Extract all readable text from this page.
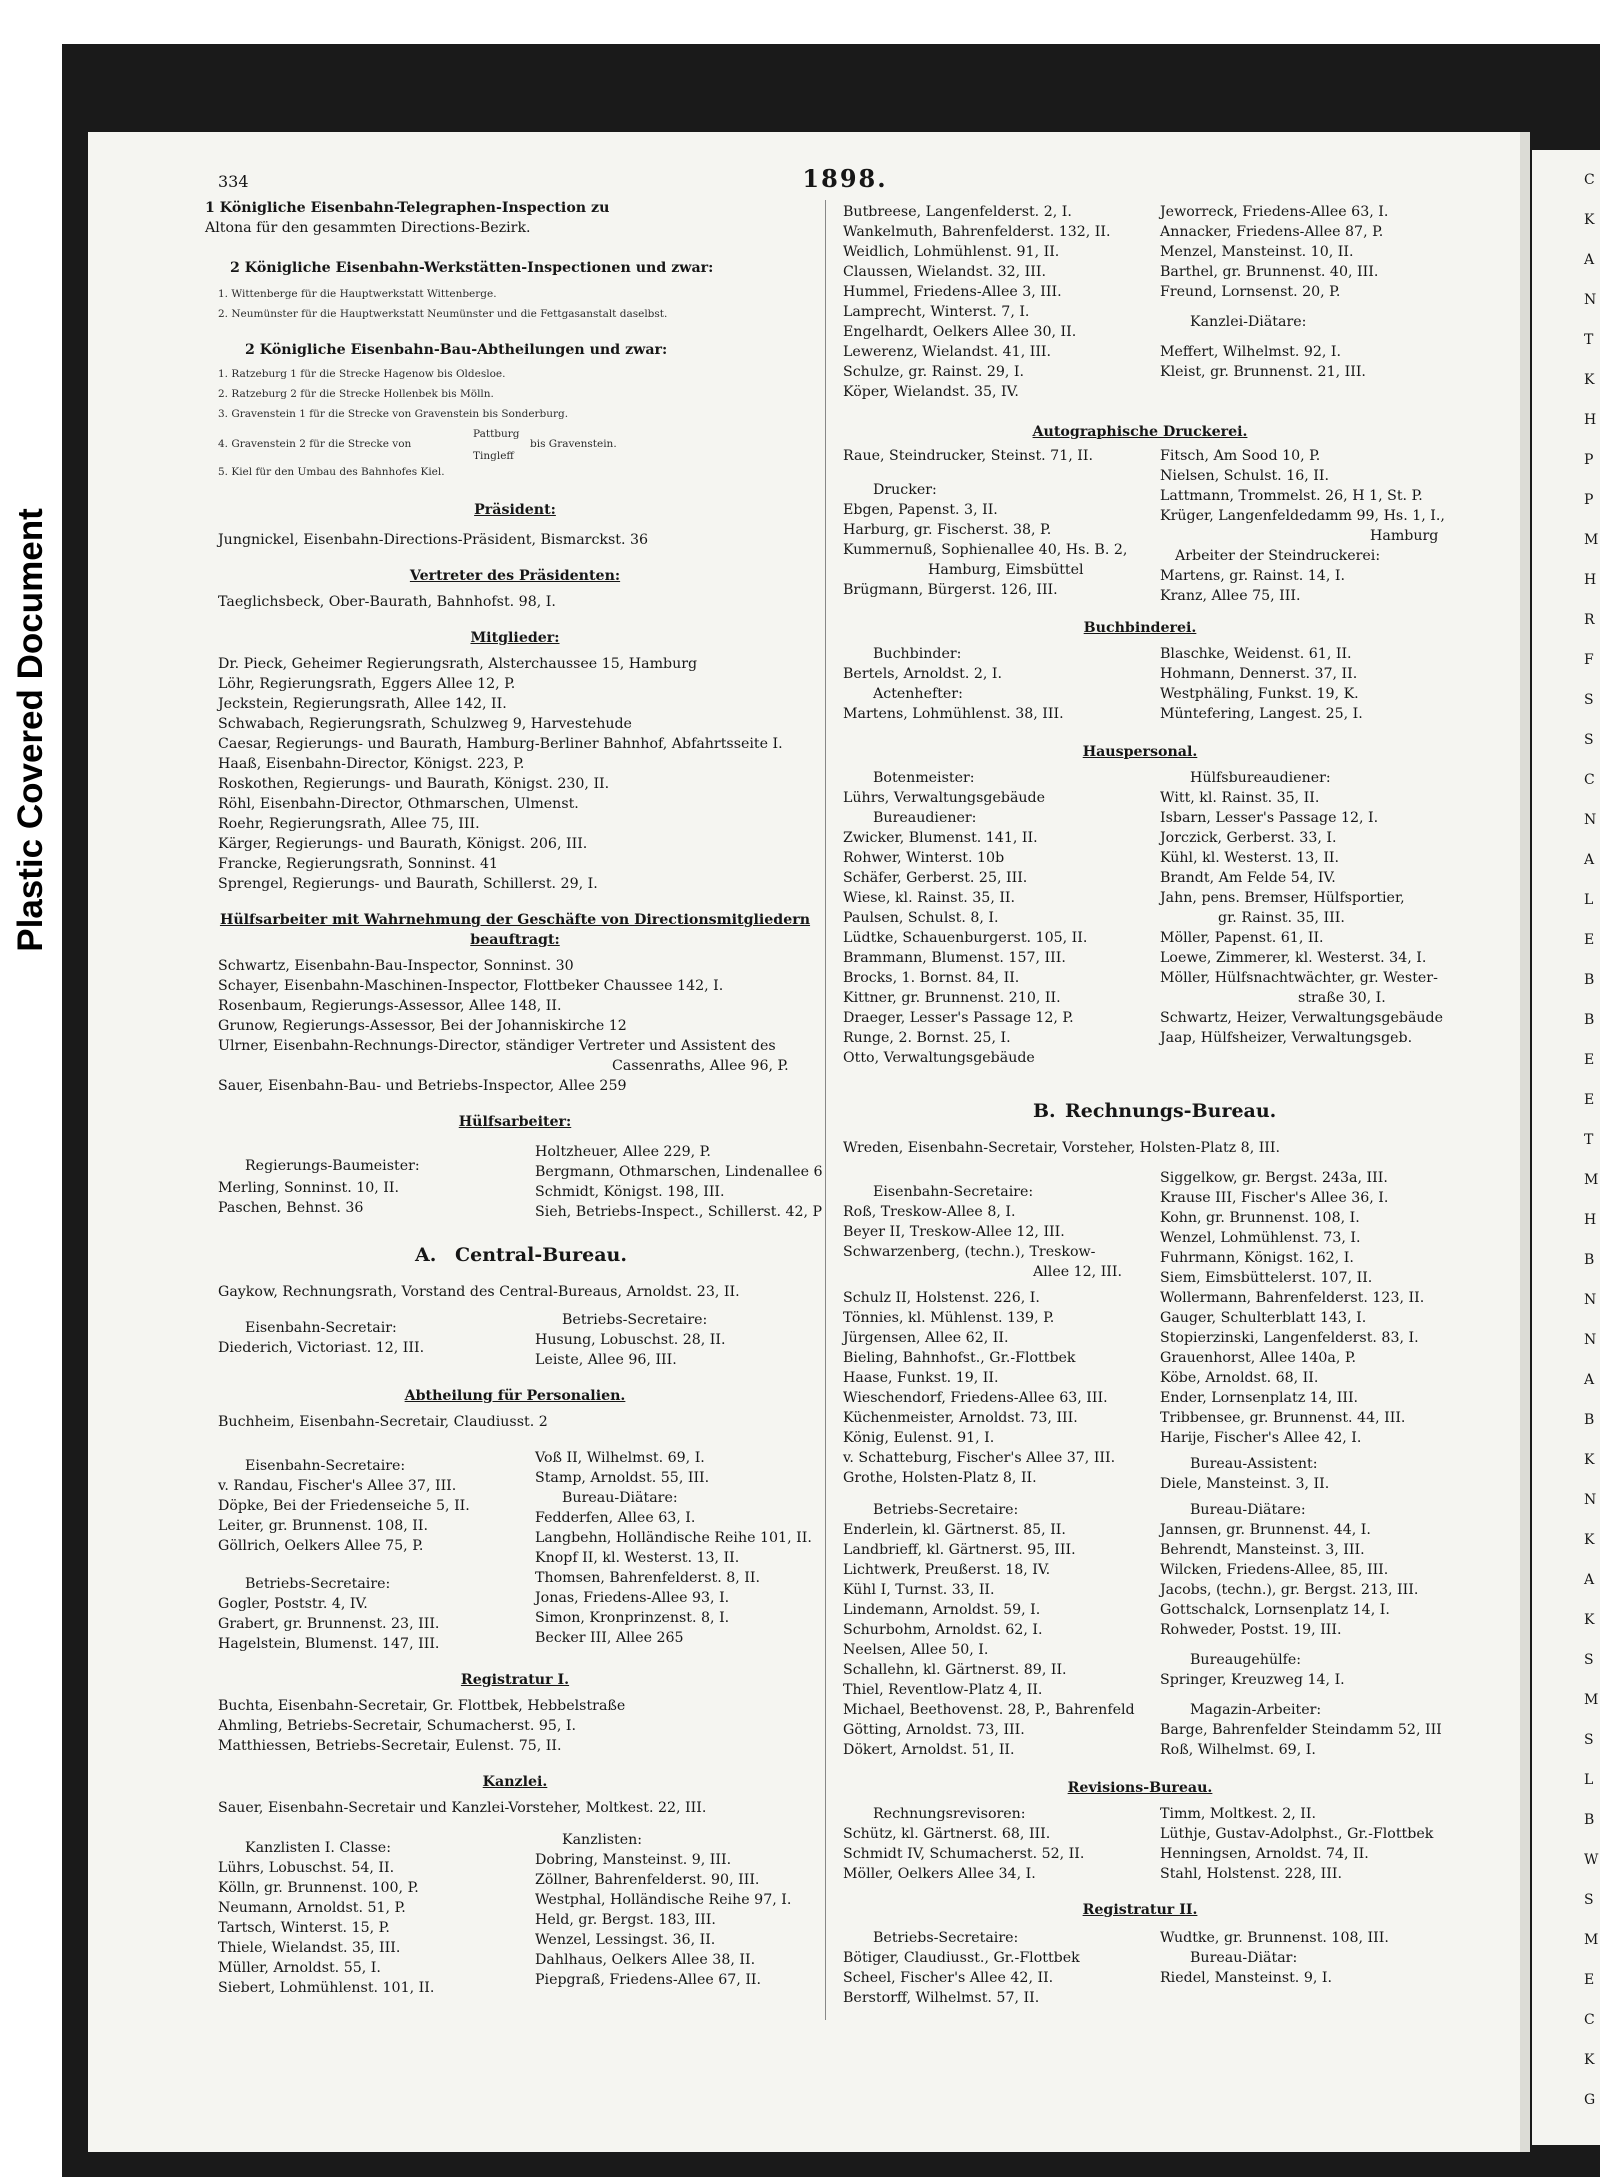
Plastic Covered Document
C
K
A
N
T
K
H
P
P
M
H
R
F
S
S
C
N
A
L
E
B
B
E
E
T
M
H
B
N
N
A
B
K
N
K
A
K
S
M
S
L
B
W
S
M
E
C
K
G
334	1898.
1 Königliche Eisenbahn-Telegraphen-Inspection zu
Altona für den gesammten Directions-Bezirk.
2 Königliche Eisenbahn-Werkstätten-Inspectionen und zwar:
1. Wittenberge für die Hauptwerkstatt Wittenberge.
2. Neumünster für die Hauptwerkstatt Neumünster und die Fettgasanstalt daselbst.
2 Königliche Eisenbahn-Bau-Abtheilungen und zwar:
1. Ratzeburg 1 für die Strecke Hagenow bis Oldesloe.
2. Ratzeburg 2 für die Strecke Hollenbek bis Mölln.
3. Gravenstein 1 für die Strecke von Gravenstein bis Sonderburg.
4. Gravenstein 2 für die Strecke von
Pattburg
Tingleff
bis Gravenstein.
5. Kiel für den Umbau des Bahnhofes Kiel.
Präsident:
Jungnickel, Eisenbahn-Directions-Präsident, Bismarckst. 36
Vertreter des Präsidenten:
Taeglichsbeck, Ober-Baurath, Bahnhofst. 98, I.
Mitglieder:
Dr. Pieck, Geheimer Regierungsrath, Alsterchaussee 15, Hamburg
Löhr, Regierungsrath, Eggers Allee 12, P.
Jeckstein, Regierungsrath, Allee 142, II.
Schwabach, Regierungsrath, Schulzweg 9, Harvestehude
Caesar, Regierungs- und Baurath, Hamburg-Berliner Bahnhof, Abfahrtsseite I.
Haaß, Eisenbahn-Director, Königst. 223, P.
Roskothen, Regierungs- und Baurath, Königst. 230, II.
Röhl, Eisenbahn-Director, Othmarschen, Ulmenst.
Roehr, Regierungsrath, Allee 75, III.
Kärger, Regierungs- und Baurath, Königst. 206, III.
Francke, Regierungsrath, Sonninst. 41
Sprengel, Regierungs- und Baurath, Schillerst. 29, I.
Hülfsarbeiter mit Wahrnehmung der Geschäfte von Directionsmitgliedern
beauftragt:
Schwartz, Eisenbahn-Bau-Inspector, Sonninst. 30
Schayer, Eisenbahn-Maschinen-Inspector, Flottbeker Chaussee 142, I.
Rosenbaum, Regierungs-Assessor, Allee 148, II.
Grunow, Regierungs-Assessor, Bei der Johanniskirche 12
Ulrner, Eisenbahn-Rechnungs-Director, ständiger Vertreter und Assistent des
Cassenraths, Allee 96, P.
Sauer, Eisenbahn-Bau- und Betriebs-Inspector, Allee 259
Hülfsarbeiter:
Holtzheuer, Allee 229, P.
Regierungs-Baumeister:	Bergmann, Othmarschen, Lindenallee 6
Merling, Sonninst. 10, II.	Schmidt, Königst. 198, III.
Paschen, Behnst. 36	Sieh, Betriebs-Inspect., Schillerst. 42, P
A. Central-Bureau.
Gaykow, Rechnungsrath, Vorstand des Central-Bureaus, Arnoldst. 23, II.
Betriebs-Secretaire:
Eisenbahn-Secretair:
Diederich, Victoriast. 12, III.	Husung, Lobuschst. 28, II.
Leiste, Allee 96, III.
Abtheilung für Personalien.
Buchheim, Eisenbahn-Secretair, Claudiusst. 2
Voß II, Wilhelmst. 69, I.
Eisenbahn-Secretaire:
Stamp, Arnoldst. 55, III.
v. Randau, Fischer's Allee 37, III.
Bureau-Diätare:
Döpke, Bei der Friedenseiche 5, II.
Fedderfen, Allee 63, I.
Leiter, gr. Brunnenst. 108, II.
Langbehn, Holländische Reihe 101, II.
Göllrich, Oelkers Allee 75, P.
Knopf II, kl. Westerst. 13, II.
Thomsen, Bahrenfelderst. 8, II.
Betriebs-Secretaire:
Jonas, Friedens-Allee 93, I.
Gogler, Poststr. 4, IV.
Simon, Kronprinzenst. 8, I.
Grabert, gr. Brunnenst. 23, III.
Becker III, Allee 265
Hagelstein, Blumenst. 147, III.
Registratur I.
Buchta, Eisenbahn-Secretair, Gr. Flottbek, Hebbelstraße
Ahmling, Betriebs-Secretair, Schumacherst. 95, I.
Matthiessen, Betriebs-Secretair, Eulenst. 75, II.
Kanzlei.
Sauer, Eisenbahn-Secretair und Kanzlei-Vorsteher, Moltkest. 22, III.
Kanzlisten:
Kanzlisten I. Classe:
Dobring, Mansteinst. 9, III.
Lührs, Lobuschst. 54, II.
Zöllner, Bahrenfelderst. 90, III.
Kölln, gr. Brunnenst. 100, P.
Westphal, Holländische Reihe 97, I.
Neumann, Arnoldst. 51, P.
Held, gr. Bergst. 183, III.
Tartsch, Winterst. 15, P.
Wenzel, Lessingst. 36, II.
Thiele, Wielandst. 35, III.
Dahlhaus, Oelkers Allee 38, II.
Müller, Arnoldst. 55, I.
Piepgraß, Friedens-Allee 67, II.
Siebert, Lohmühlenst. 101, II.
Butbreese, Langenfelderst. 2, I.
Wankelmuth, Bahrenfelderst. 132, II.
Weidlich, Lohmühlenst. 91, II.
Claussen, Wielandst. 32, III.
Hummel, Friedens-Allee 3, III.
Lamprecht, Winterst. 7, I.
Engelhardt, Oelkers Allee 30, II.
Lewerenz, Wielandst. 41, III.
Schulze, gr. Rainst. 29, I.
Köper, Wielandst. 35, IV.
Jeworreck, Friedens-Allee 63, I.
Annacker, Friedens-Allee 87, P.
Menzel, Mansteinst. 10, II.
Barthel, gr. Brunnenst. 40, III.
Freund, Lornsenst. 20, P.
Kanzlei-Diätare:
Meffert, Wilhelmst. 92, I.
Kleist, gr. Brunnenst. 21, III.
Autographische Druckerei.
Raue, Steindrucker, Steinst. 71, II.	Fitsch, Am Sood 10, P.
Nielsen, Schulst. 16, II.
Drucker:	Lattmann, Trommelst. 26, H 1, St. P.
Ebgen, Papenst. 3, II.	Krüger, Langenfeldedamm 99, Hs. 1, I.,
Harburg, gr. Fischerst. 38, P.	Hamburg
Kummernuß, Sophienallee 40, Hs. B. 2,	Arbeiter der Steindruckerei:
Hamburg, Eimsbüttel	Martens, gr. Rainst. 14, I.
Brügmann, Bürgerst. 126, III.	Kranz, Allee 75, III.
Buchbinderei.
Buchbinder:	Blaschke, Weidenst. 61, II.
Bertels, Arnoldst. 2, I.	Hohmann, Dennerst. 37, II.
Actenhefter:	Westphäling, Funkst. 19, K.
Martens, Lohmühlenst. 38, III.	Müntefering, Langest. 25, I.
Hauspersonal.
Botenmeister:	Hülfsbureaudiener:
Lührs, Verwaltungsgebäude	Witt, kl. Rainst. 35, II.
Bureaudiener:	Isbarn, Lesser's Passage 12, I.
Zwicker, Blumenst. 141, II.	Jorczick, Gerberst. 33, I.
Rohwer, Winterst. 10b	Kühl, kl. Westerst. 13, II.
Schäfer, Gerberst. 25, III.	Brandt, Am Felde 54, IV.
Wiese, kl. Rainst. 35, II.	Jahn, pens. Bremser, Hülfsportier,
Paulsen, Schulst. 8, I.	gr. Rainst. 35, III.
Lüdtke, Schauenburgerst. 105, II.	Möller, Papenst. 61, II.
Brammann, Blumenst. 157, III.	Loewe, Zimmerer, kl. Westerst. 34, I.
Brocks, 1. Bornst. 84, II.	Möller, Hülfsnachtwächter, gr. Wester-
Kittner, gr. Brunnenst. 210, II.	straße 30, I.
Draeger, Lesser's Passage 12, P.	Schwartz, Heizer, Verwaltungsgebäude
Runge, 2. Bornst. 25, I.	Jaap, Hülfsheizer, Verwaltungsgeb.
Otto, Verwaltungsgebäude
B. Rechnungs-Bureau.
Wreden, Eisenbahn-Secretair, Vorsteher, Holsten-Platz 8, III.
Siggelkow, gr. Bergst. 243a, III.
Eisenbahn-Secretaire:	Krause III, Fischer's Allee 36, I.
Roß, Treskow-Allee 8, I.	Kohn, gr. Brunnenst. 108, I.
Beyer II, Treskow-Allee 12, III.	Wenzel, Lohmühlenst. 73, I.
Schwarzenberg, (techn.), Treskow-	Fuhrmann, Königst. 162, I.
Allee 12, III.	Siem, Eimsbüttelerst. 107, II.
Schulz II, Holstenst. 226, I.	Wollermann, Bahrenfelderst. 123, II.
Tönnies, kl. Mühlenst. 139, P.	Gauger, Schulterblatt 143, I.
Jürgensen, Allee 62, II.	Stopierzinski, Langenfelderst. 83, I.
Bieling, Bahnhofst., Gr.-Flottbek	Grauenhorst, Allee 140a, P.
Haase, Funkst. 19, II.	Köbe, Arnoldst. 68, II.
Wieschendorf, Friedens-Allee 63, III.	Ender, Lornsenplatz 14, III.
Küchenmeister, Arnoldst. 73, III.	Tribbensee, gr. Brunnenst. 44, III.
König, Eulenst. 91, I.	Harije, Fischer's Allee 42, I.
v. Schatteburg, Fischer's Allee 37, III.	Bureau-Assistent:
Grothe, Holsten-Platz 8, II.	Diele, Mansteinst. 3, II.
Betriebs-Secretaire:	Bureau-Diätare:
Enderlein, kl. Gärtnerst. 85, II.	Jannsen, gr. Brunnenst. 44, I.
Landbrieff, kl. Gärtnerst. 95, III.	Behrendt, Mansteinst. 3, III.
Lichtwerk, Preußerst. 18, IV.	Wilcken, Friedens-Allee, 85, III.
Kühl I, Turnst. 33, II.	Jacobs, (techn.), gr. Bergst. 213, III.
Lindemann, Arnoldst. 59, I.	Gottschalck, Lornsenplatz 14, I.
Schurbohm, Arnoldst. 62, I.	Rohweder, Postst. 19, III.
Neelsen, Allee 50, I.
Bureaugehülfe:
Schallehn, kl. Gärtnerst. 89, II.
Springer, Kreuzweg 14, I.
Thiel, Reventlow-Platz 4, II.
Michael, Beethovenst. 28, P., Bahrenfeld	Magazin-Arbeiter:
Götting, Arnoldst. 73, III.	Barge, Bahrenfelder Steindamm 52, III
Dökert, Arnoldst. 51, II.	Roß, Wilhelmst. 69, I.
Revisions-Bureau.
Rechnungsrevisoren:	Timm, Moltkest. 2, II.
Schütz, kl. Gärtnerst. 68, III.	Lüthje, Gustav-Adolphst., Gr.-Flottbek
Schmidt IV, Schumacherst. 52, II.	Henningsen, Arnoldst. 74, II.
Möller, Oelkers Allee 34, I.	Stahl, Holstenst. 228, III.
Registratur II.
Betriebs-Secretaire:	Wudtke, gr. Brunnenst. 108, III.
Bötiger, Claudiusst., Gr.-Flottbek	Bureau-Diätar:
Scheel, Fischer's Allee 42, II.	Riedel, Mansteinst. 9, I.
Berstorff, Wilhelmst. 57, II.
